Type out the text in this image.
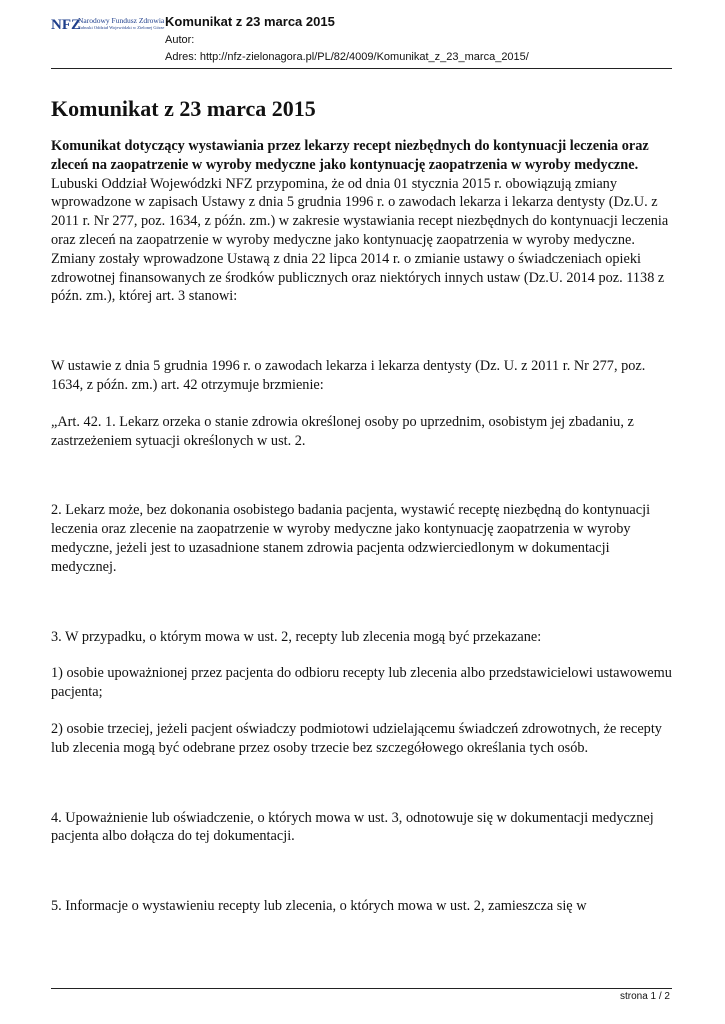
NFZ
Narodowy Fundusz Zdrowia
Lubuski Oddział Wojewódzki w Zielonej Górze Komunikat z 23 marca 2015

Autor:

Adres: http://nfz-zielonagora.pl/PL/82/4009/Komunikat_z_23_marca_2015/

Komunikat z 23 marca 2015

Komunikat dotyczący wystawiania przez lekarzy recept niezbędnych do kontynuacji leczenia oraz zleceń na zaopatrzenie w wyroby medyczne jako kontynuację zaopatrzenia w wyroby medyczne.

Lubuski Oddział Wojewódzki NFZ przypomina, że od dnia 01 stycznia 2015 r. obowiązują zmiany wprowadzone w zapisach Ustawy z dnia 5 grudnia 1996 r. o zawodach lekarza i lekarza dentysty (Dz.U. z 2011 r. Nr 277, poz. 1634, z późn. zm.) w zakresie wystawiania recept niezbędnych do kontynuacji leczenia oraz zleceń na zaopatrzenie w wyroby medyczne jako kontynuację zaopatrzenia w wyroby medyczne. Zmiany zostały wprowadzone Ustawą z dnia 22 lipca 2014 r. o zmianie ustawy o świadczeniach opieki zdrowotnej finansowanych ze środków publicznych oraz niektórych innych ustaw (Dz.U. 2014 poz. 1138 z późn. zm.), której art. 3 stanowi:

W ustawie z dnia 5 grudnia 1996 r. o zawodach lekarza i lekarza dentysty (Dz. U. z 2011 r. Nr 277, poz. 1634, z późn. zm.) art. 42 otrzymuje brzmienie:

„Art. 42. 1. Lekarz orzeka o stanie zdrowia określonej osoby po uprzednim, osobistym jej zbadaniu, z zastrzeżeniem sytuacji określonych w ust. 2.

2. Lekarz może, bez dokonania osobistego badania pacjenta, wystawić receptę niezbędną do kontynuacji leczenia oraz zlecenie na zaopatrzenie w wyroby medyczne jako kontynuację zaopatrzenia w wyroby medyczne, jeżeli jest to uzasadnione stanem zdrowia pacjenta odzwierciedlonym w dokumentacji medycznej.

3. W przypadku, o którym mowa w ust. 2, recepty lub zlecenia mogą być przekazane:

1) osobie upoważnionej przez pacjenta do odbioru recepty lub zlecenia albo przedstawicielowi ustawowemu pacjenta;

2) osobie trzeciej, jeżeli pacjent oświadczy podmiotowi udzielającemu świadczeń zdrowotnych, że recepty lub zlecenia mogą być odebrane przez osoby trzecie bez szczegółowego określania tych osób.

4. Upoważnienie lub oświadczenie, o których mowa w ust. 3, odnotowuje się w dokumentacji medycznej pacjenta albo dołącza do tej dokumentacji.

5. Informacje o wystawieniu recepty lub zlecenia, o których mowa w ust. 2, zamieszcza się w

strona 1 / 2
